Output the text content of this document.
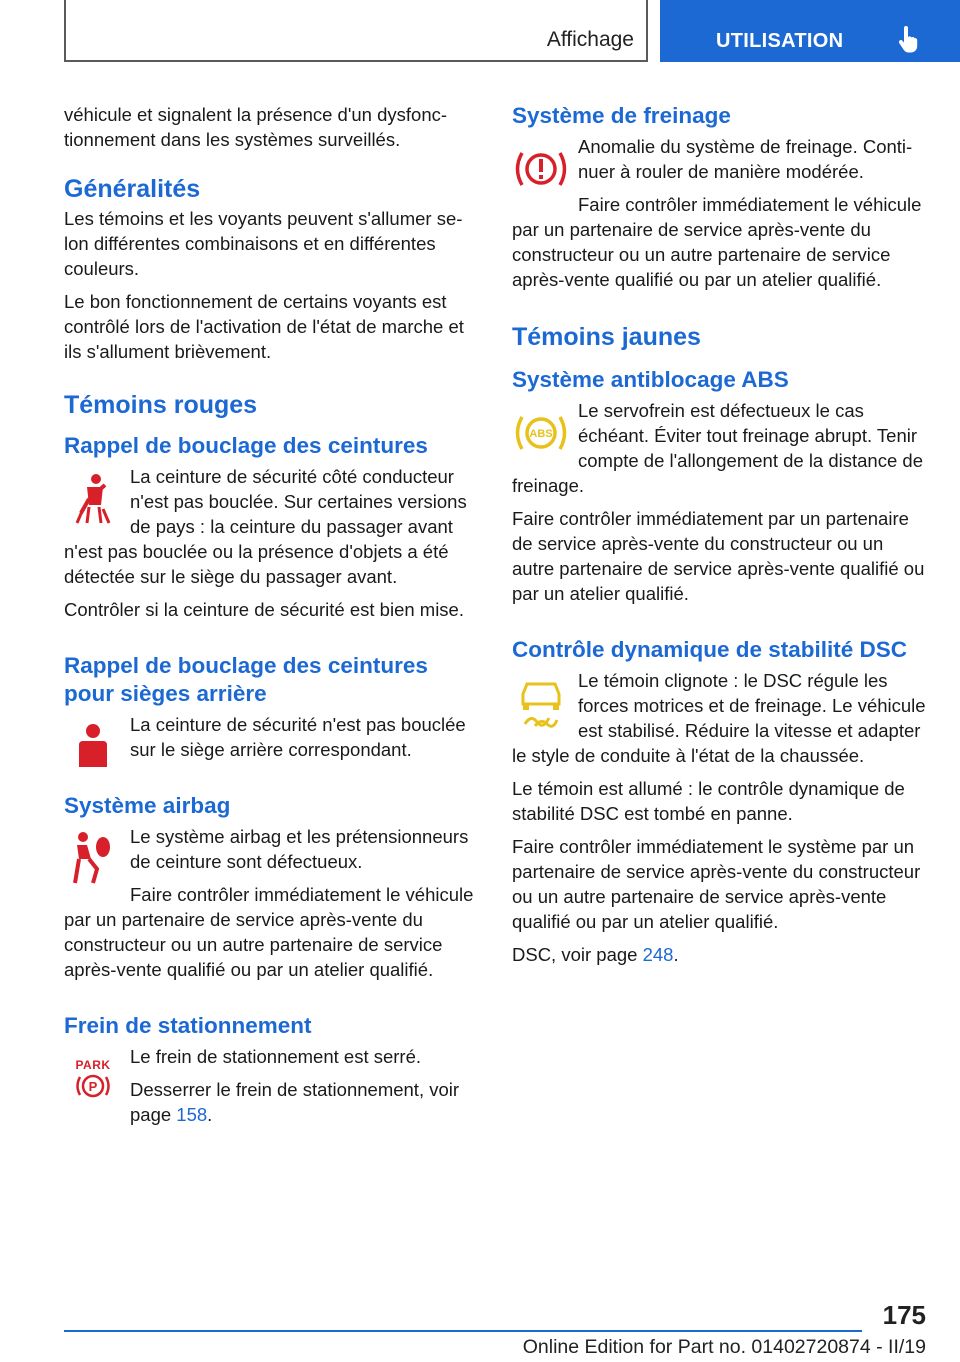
Affichage	UTILISATION

véhicule et signalent la présence d'un dysfonctionnement dans les systèmes surveillés.

Généralités

Les témoins et les voyants peuvent s'allumer selon différentes combinaisons et en différentes couleurs.

Le bon fonctionnement de certains voyants est contrôlé lors de l'activation de l'état de marche et ils s'allument brièvement.

Témoins rouges
Rappel de bouclage des ceintures

La ceinture de sécurité côté conducteur n'est pas bouclée. Sur certaines versions de pays : la ceinture du passager avant n'est pas bouclée ou la présence d'objets a été détectée sur le siège du passager avant.

Contrôler si la ceinture de sécurité est bien mise.

Rappel de bouclage des ceintures pour sièges arrière

La ceinture de sécurité n'est pas bouclée sur le siège arrière correspondant.

Système airbag

Le système airbag et les prétensionneurs de ceinture sont défectueux.

Faire contrôler immédiatement le véhicule par un partenaire de service après-vente du constructeur ou un autre partenaire de service après-vente qualifié ou par un atelier qualifié.

Frein de stationnement
PARK
P

Le frein de stationnement est serré.

Desserrer le frein de stationnement, voir page 158.

Système de freinage

Anomalie du système de freinage. Continuer à rouler de manière modérée.

Faire contrôler immédiatement le véhicule par un partenaire de service après-vente du constructeur ou un autre partenaire de service après-vente qualifié ou par un atelier qualifié.

Témoins jaunes
Système antiblocage ABS
ABS

Le servofrein est défectueux le cas échéant. Éviter tout freinage abrupt. Tenir compte de l'allongement de la distance de freinage.

Faire contrôler immédiatement par un partenaire de service après-vente du constructeur ou un autre partenaire de service après-vente qualifié ou par un atelier qualifié.

Contrôle dynamique de stabilité DSC

Le témoin clignote : le DSC régule les forces motrices et de freinage. Le véhicule est stabilisé. Réduire la vitesse et adapter le style de conduite à l'état de la chaussée.

Le témoin est allumé : le contrôle dynamique de stabilité DSC est tombé en panne.

Faire contrôler immédiatement le système par un partenaire de service après-vente du constructeur ou un autre partenaire de service après-vente qualifié ou par un atelier qualifié.

DSC, voir page 248.

175
Online Edition for Part no. 01402720874 - II/19
